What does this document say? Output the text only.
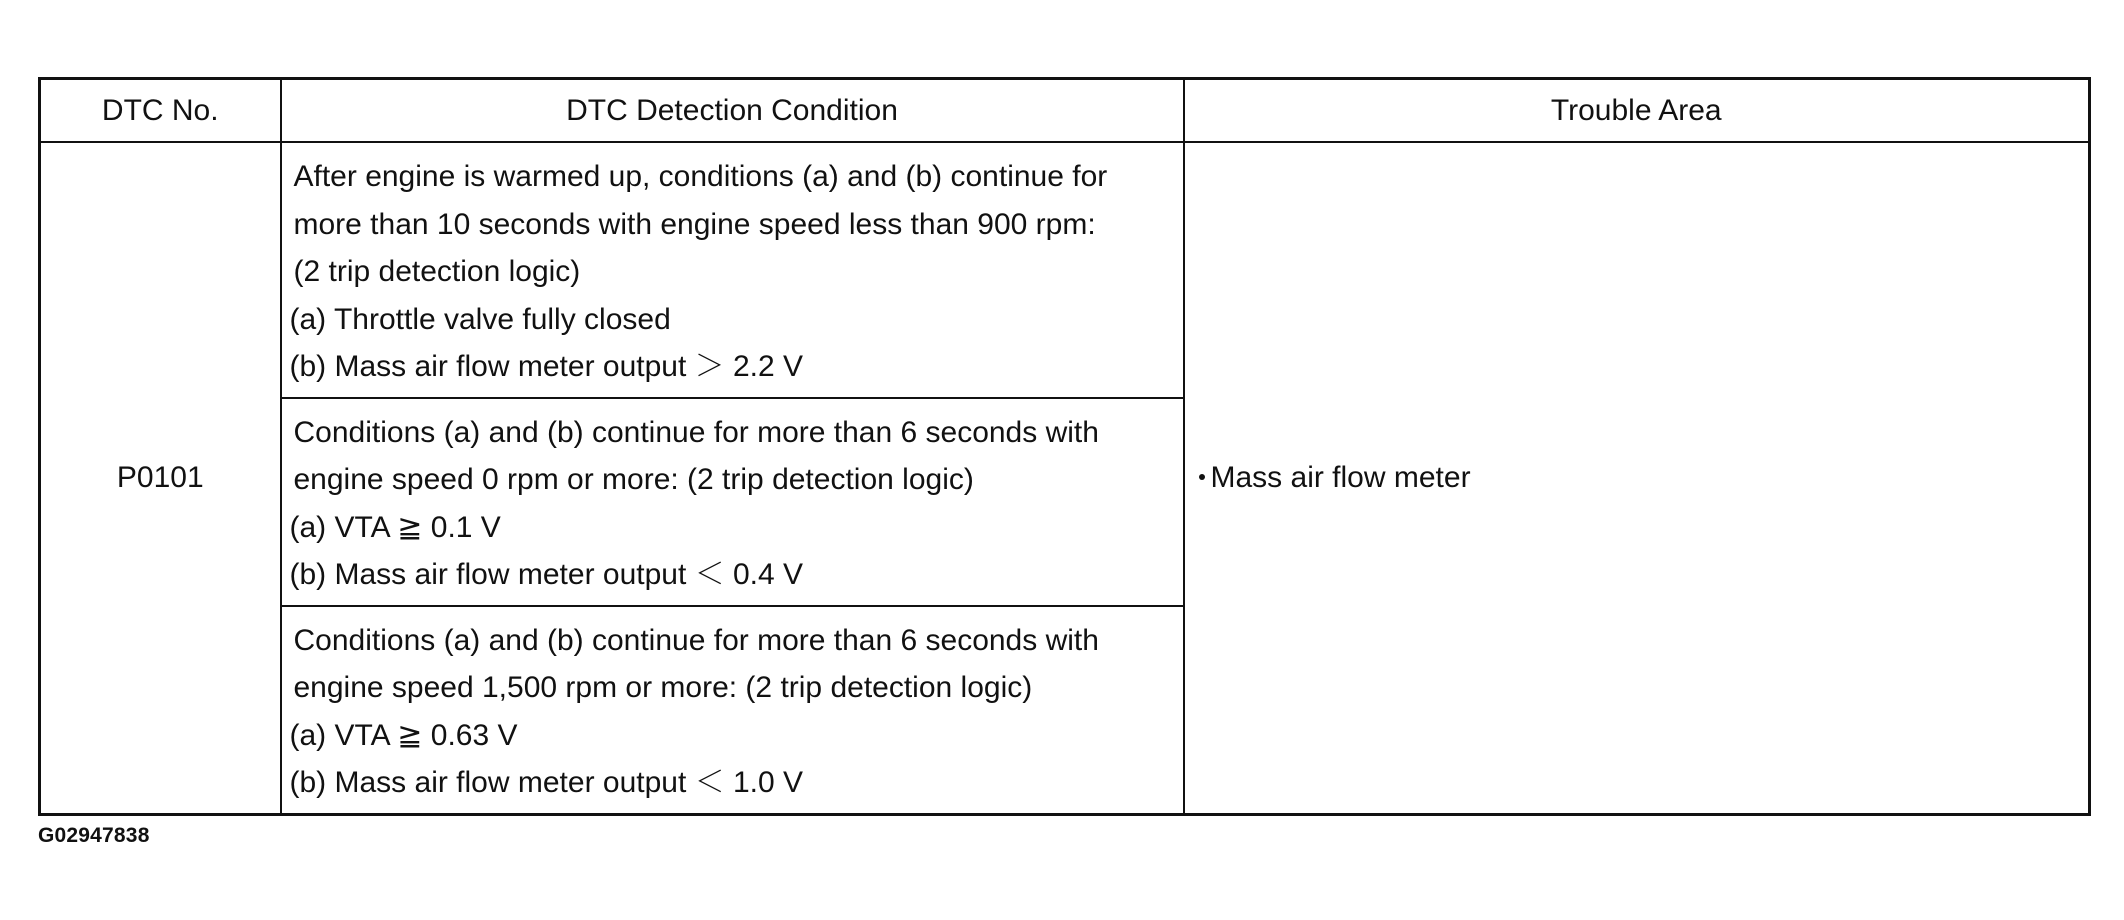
DTC No.	DTC Detection Condition	Trouble Area
P0101	After engine is warmed up, conditions (a) and (b) continue for
more than 10 seconds with engine speed less than 900 rpm:
(2 trip detection logic)
(a) Throttle valve fully closed
(b) Mass air flow meter output ＞ 2.2 V	Mass air flow meter

	Conditions (a) and (b) continue for more than 6 seconds with
engine speed 0 rpm or more: (2 trip detection logic)
(a) VTA ≧ 0.1 V
(b) Mass air flow meter output ＜ 0.4 V	

	Conditions (a) and (b) continue for more than 6 seconds with
engine speed 1,500 rpm or more: (2 trip detection logic)
(a) VTA ≧ 0.63 V
(b) Mass air flow meter output ＜ 1.0 V	
G02947838
